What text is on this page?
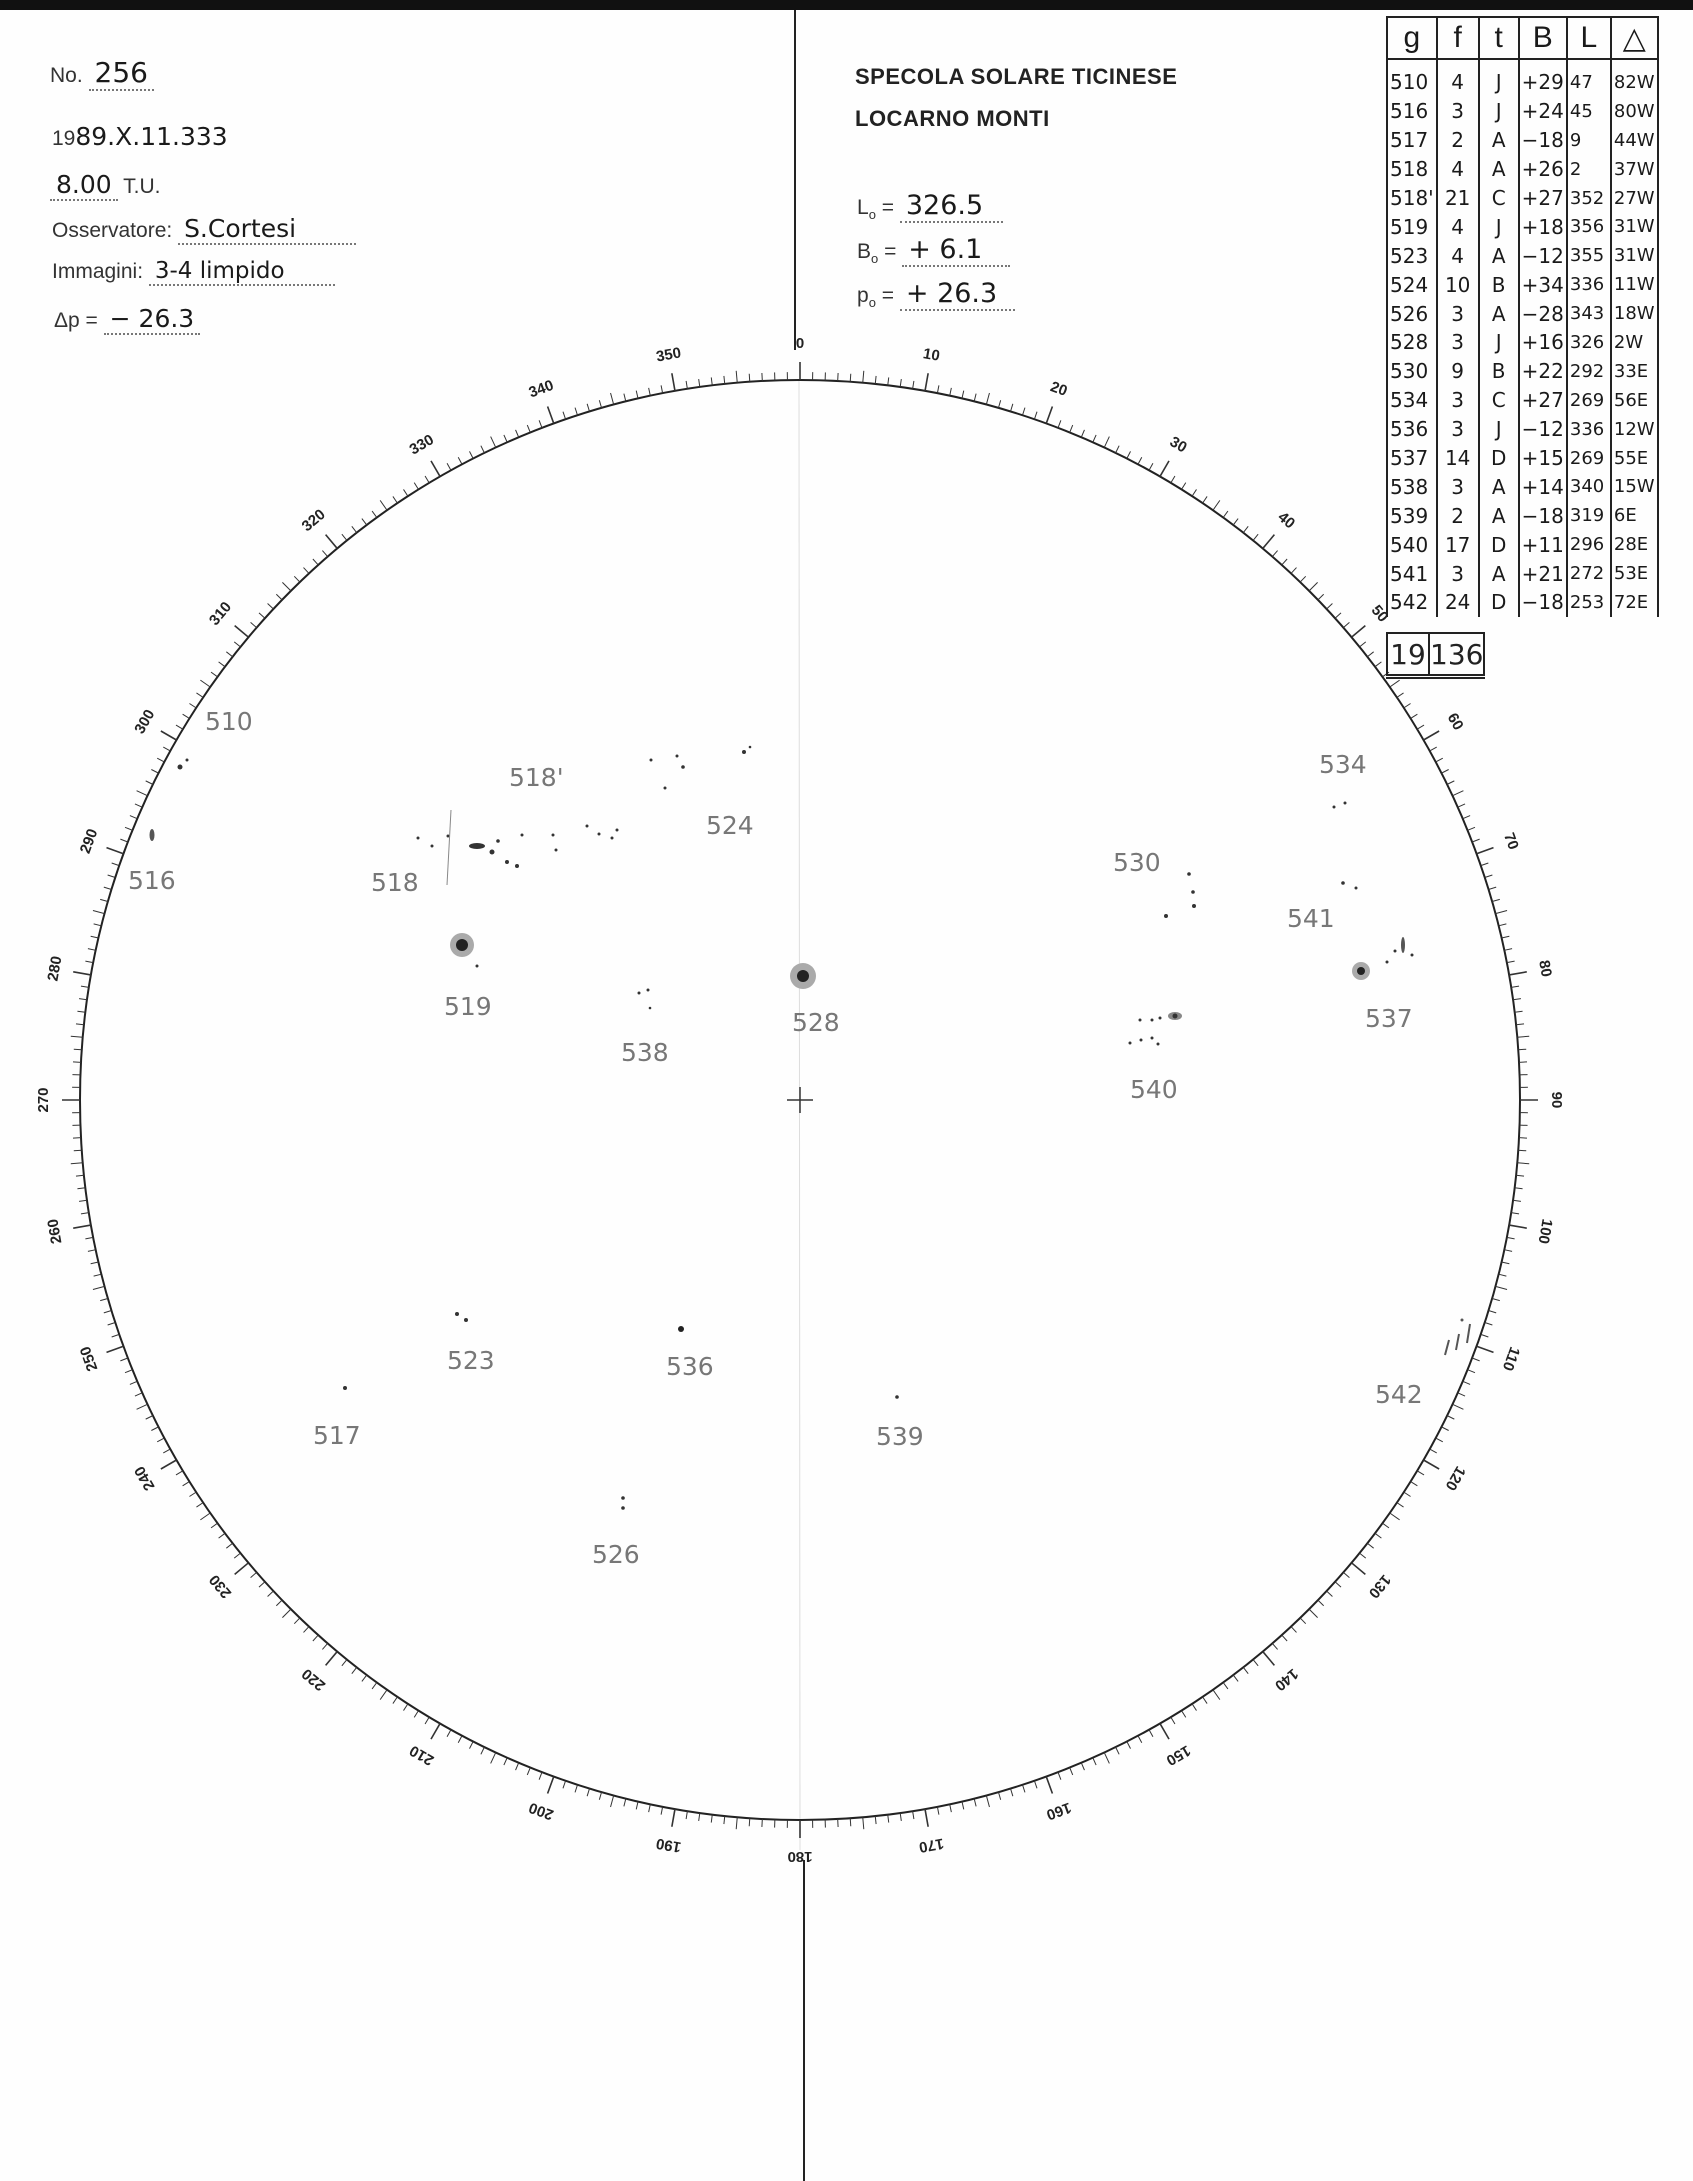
No. 256
1989.X.11.333
8.00 T.U.
Osservatore: S.Cortesi
Immagini: 3-4 limpido
Δp = − 26.3
SPECOLA SOLARE TICINESE
LOCARNO MONTI
$L_o = 326.5$
$B_o$ = + 6.1
$p_o$ = + 26.3
0
10
20
30
40
50
60
70
80
90
100
110
120
130
140
150
160
170
180
190
200
210
220
230
240
250
260
270
280
290
300
310
320
330
340
350
510
516
518'
518
524
519
538
528
534
530
541
537
540
523	536
517	539
526
542
g	f	t	B	L	△
510	4	J	+29	47	82W
516	3	J	+24	45	80W
517	2	A	−18	9	44W
518	4	A	+26	2	37W
518'	21	C	+27	352	27W
519	4	J	+18	356	31W
523	4	A	−12	355	31W
524	10	B	+34	336	11W
526	3	A	−28	343	18W
528	3	J	+16	326	2W
530	9	B	+22	292	33E
534	3	C	+27	269	56E
536	3	J	−12	336	12W
537	14	D	+15	269	55E
538	3	A	+14	340	15W
539	2	A	−18	319	6E
540	17	D	+11	296	28E
541	3	A	+21	272	53E
542	24	D	−18	253	72E
19	136
